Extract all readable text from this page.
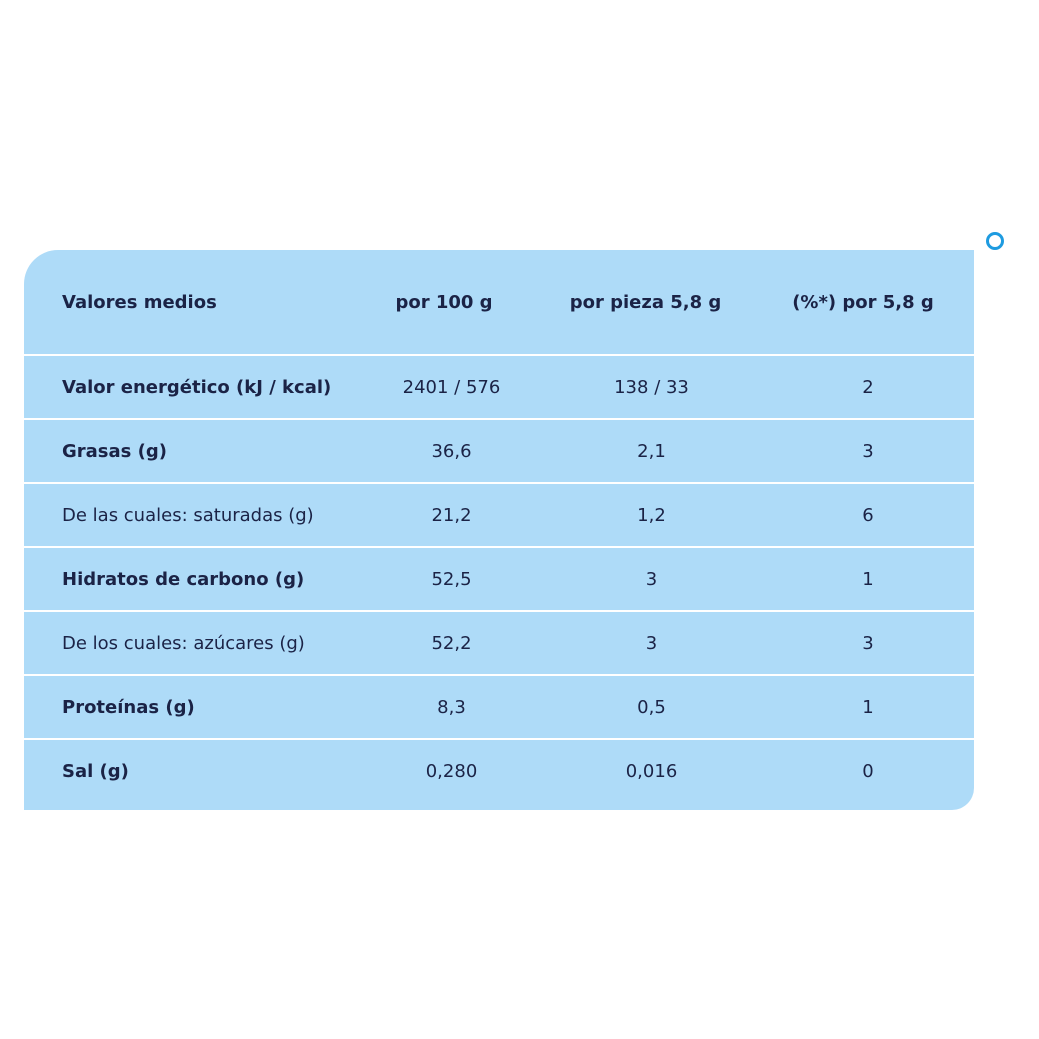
Valores medios	por 100 g	por pieza 5,8 g	(%*) por 5,8 g
Valor energético (kJ / kcal)	2401 / 576	138 / 33	2
Grasas (g)	36,6	2,1	3
De las cuales: saturadas (g)	21,2	1,2	6
Hidratos de carbono (g)	52,5	3	1
De los cuales: azúcares (g)	52,2	3	3
Proteínas (g)	8,3	0,5	1
Sal (g)	0,280	0,016	0
